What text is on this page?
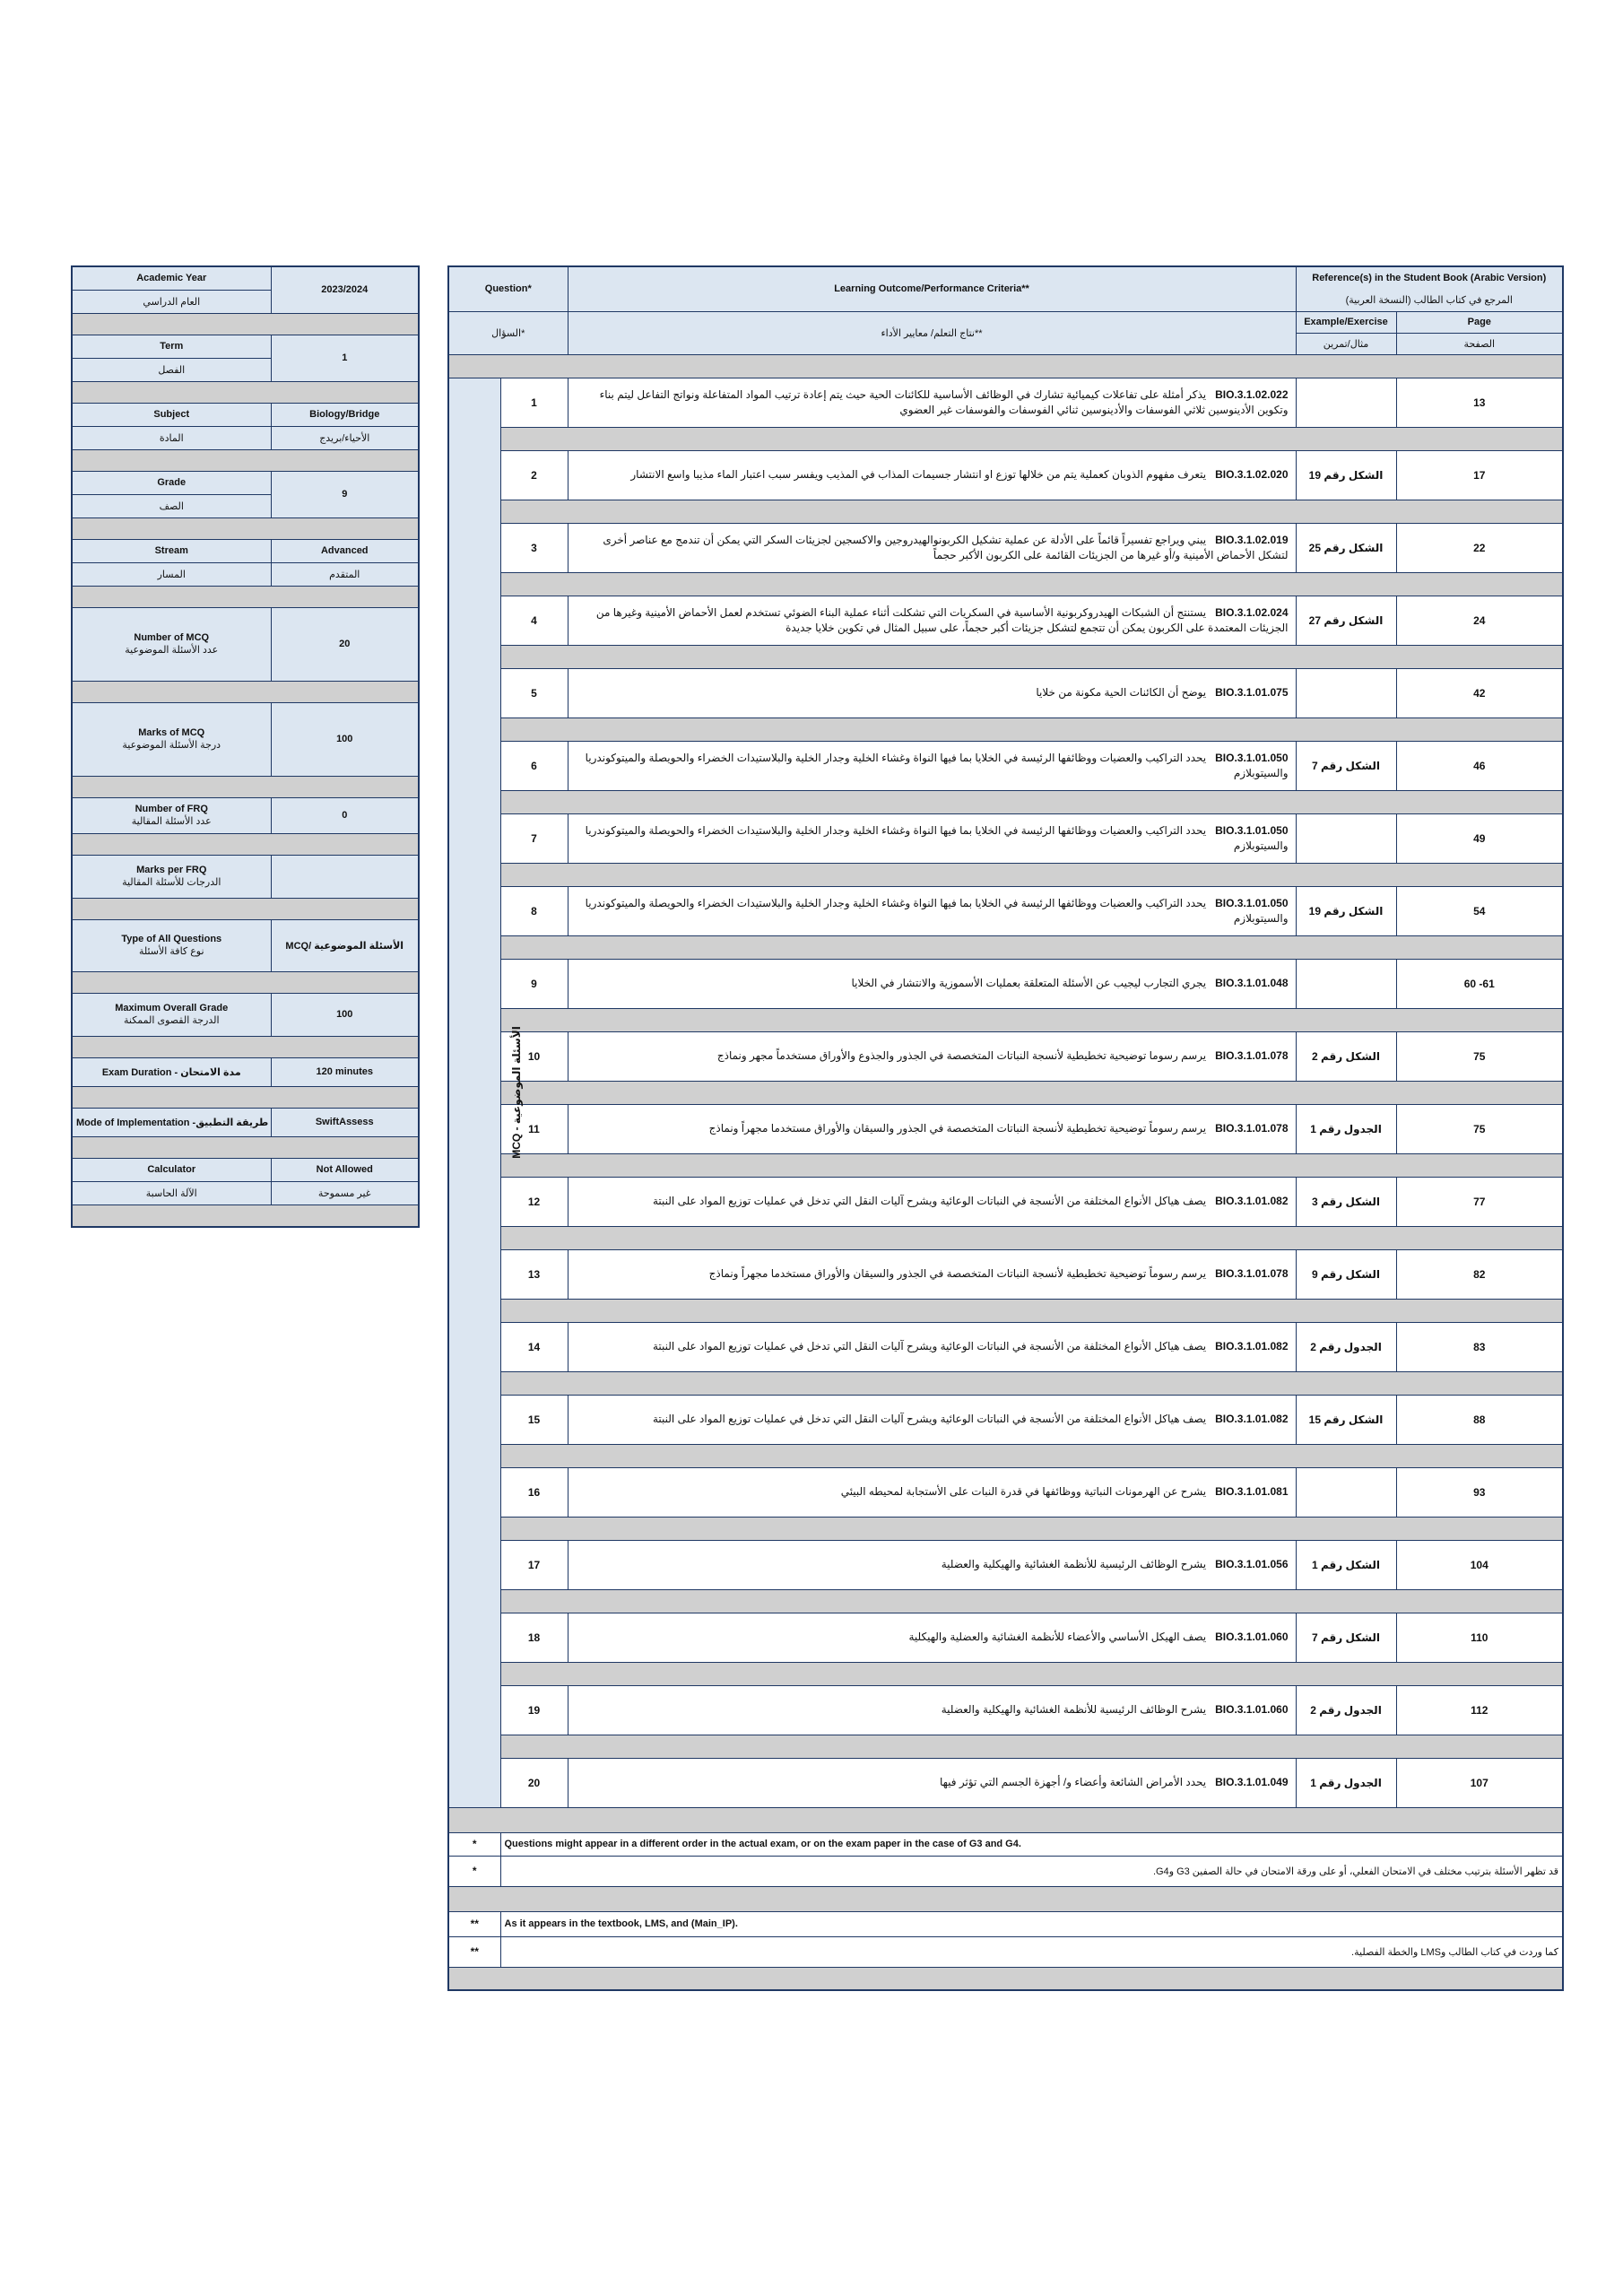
Academic Year	2023/2024
العام الدراسي	

Term	1
الفصل	

Subject	Biology/Bridge
المادة	الأحياء/بريدج

Grade	9
الصف	

Stream	Advanced
المسار	المتقدم

Number of MCQ
عدد الأسئلة الموضوعية	20

Marks of MCQ
درجة الأسئلة الموضوعية	100

Number of FRQ
عدد الأسئلة المقالية	0

Marks per FRQ
الدرجات للأسئلة المقالية	

Type of All Questions
نوع كافة الأسئلة	MCQ/ الأسئلة الموضوعية

Maximum Overall Grade
الدرجة القصوى الممكنة	100

Exam Duration - مدة الامتحان	120 minutes

Mode of Implementation -طريقة التطبيق	SwiftAssess

Calculator	Not Allowed
الآلة الحاسبة	غير مسموحة

Question*		Learning Outcome/Performance Criteria**	Reference(s) in the Student Book (Arabic Version)

المرجع في كتاب الطالب (النسخة العربية)	
السؤال*		نتاج التعلم/ معايير الأداء**	Example/Exercise	Page
			مثال/تمرين	الصفحة

MCQ - الأسئلة الموضوعية	1	BIO.3.1.02.022   يذكر أمثلة على تفاعلات كيميائية تشارك في الوظائف الأساسية للكائنات الحية حيث يتم إعادة ترتيب المواد المتفاعلة ونواتج التفاعل ليتم بناء وتكوين الأدينوسين ثلاثي الفوسفات والأدينوسين ثنائي الفوسفات والفوسفات غير العضوي		13

	2	BIO.3.1.02.020   يتعرف مفهوم الذوبان كعملية يتم من خلالها توزع او انتشار جسيمات المذاب في المذيب ويفسر سبب اعتبار الماء مذيبا واسع الانتشار	الشكل رقم 19	17

	3	BIO.3.1.02.019   يبني ويراجع تفسيراً قائماً على الأدلة عن عملية تشكيل الكربونوالهيدروجين والاكسجين لجزيئات السكر التي يمكن أن تندمج مع عناصر أخرى لتشكل الأحماض الأمينية و/أو غيرها من الجزيئات القائمة على الكربون الأكبر حجماً	الشكل رقم 25	22

	4	BIO.3.1.02.024   يستنتج أن الشبكات الهيدروكربونية الأساسية في السكريات التي تشكلت أثناء عملية البناء الضوئي تستخدم لعمل الأحماض الأمينية وغيرها من الجزيئات المعتمدة على الكربون يمكن أن تتجمع لتشكل جزيئات أكبر حجماً، على سبيل المثال في تكوين خلايا جديدة	الشكل رقم 27	24

	5	BIO.3.1.01.075   يوضح أن الكائنات الحية مكونة من خلايا		42

	6	BIO.3.1.01.050   يحدد التراكيب والعضيات ووظائفها الرئيسة في الخلايا بما فيها النواة وغشاء الخلية وجدار الخلية والبلاستيدات الخضراء والحويصلة والميتوكوندريا والسيتوبلازم	الشكل رقم 7	46

	7	BIO.3.1.01.050   يحدد التراكيب والعضيات ووظائفها الرئيسة في الخلايا بما فيها النواة وغشاء الخلية وجدار الخلية والبلاستيدات الخضراء والحويصلة والميتوكوندريا والسيتوبلازم		49

	8	BIO.3.1.01.050   يحدد التراكيب والعضيات ووظائفها الرئيسة في الخلايا بما فيها النواة وغشاء الخلية وجدار الخلية والبلاستيدات الخضراء والحويصلة والميتوكوندريا والسيتوبلازم	الشكل رقم 19	54

	9	BIO.3.1.01.048   يجري التجارب ليجيب عن الأسئلة المتعلقة بعمليات الأسموزية والانتشار في الخلايا		60 -61

	10	BIO.3.1.01.078   يرسم رسوما توضيحية تخطيطية لأنسجة النباتات المتخصصة في الجذور والجذوع والأوراق مستخدماً مجهر ونماذج	الشكل رقم 2	75

	11	BIO.3.1.01.078   يرسم رسوماً توضيحية تخطيطية لأنسجة النباتات المتخصصة في الجذور والسيقان والأوراق مستخدما مجهراً ونماذج	الجدول رقم 1	75

	12	BIO.3.1.01.082   يصف هياكل الأنواع المختلفة من الأنسجة في النباتات الوعائية ويشرح آليات النقل التي تدخل في عمليات توزيع المواد على النبتة	الشكل رقم 3	77

	13	BIO.3.1.01.078   يرسم رسوماً توضيحية تخطيطية لأنسجة النباتات المتخصصة في الجذور والسيقان والأوراق مستخدما مجهراً ونماذج	الشكل رقم 9	82

	14	BIO.3.1.01.082   يصف هياكل الأنواع المختلفة من الأنسجة في النباتات الوعائية ويشرح آليات النقل التي تدخل في عمليات توزيع المواد على النبتة	الجدول رقم 2	83

	15	BIO.3.1.01.082   يصف هياكل الأنواع المختلفة من الأنسجة في النباتات الوعائية ويشرح آليات النقل التي تدخل في عمليات توزيع المواد على النبتة	الشكل رقم 15	88

	16	BIO.3.1.01.081   يشرح عن الهرمونات النباتية ووظائفها في قدرة النبات على الأستجابة لمحيطه البيئي		93

	17	BIO.3.1.01.056   يشرح الوظائف الرئيسية للأنظمة الغشائية والهيكلية والعضلية	الشكل رقم 1	104

	18	BIO.3.1.01.060   يصف الهيكل الأساسي والأعضاء للأنظمة الغشائية والعضلية والهيكلية	الشكل رقم 7	110

	19	BIO.3.1.01.060   يشرح الوظائف الرئيسية للأنظمة الغشائية والهيكلية والعضلية	الجدول رقم 2	112

	20	BIO.3.1.01.049   يحدد الأمراض الشائعة وأعضاء و/ أجهزة الجسم التي تؤثر فيها	الجدول رقم 1	107

*	Questions might appear in a different order in the actual exam, or on the exam paper in the case of G3 and G4.			
*	قد تظهر الأسئلة بترتيب مختلف في الامتحان الفعلي، أو على ورقة الامتحان في حالة الصفين G3 وG4.			

**	As it appears in the textbook, LMS, and (Main_IP).			
**	كما وردت في كتاب الطالب وLMS والخطة الفصلية.			
